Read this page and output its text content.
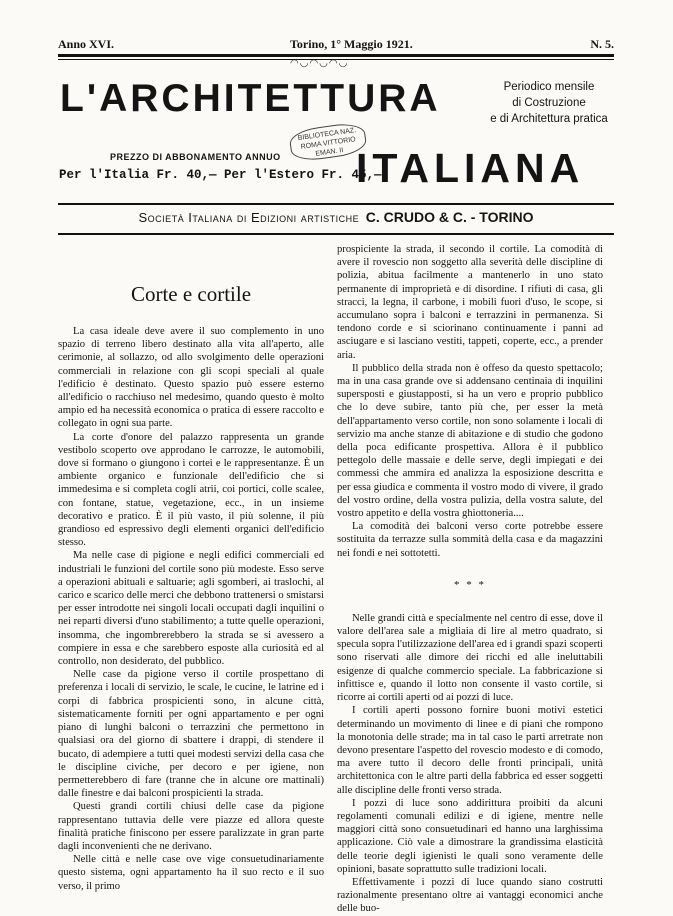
Anno XVI.	Torino, 1° Maggio 1921.	N. 5.
◠◡◠◡◠◡
L'ARCHITETTURA
ITALIANA
Periodico mensile
di Costruzione
e di Architettura pratica
BIBLIOTECA NAZ. ROMA VITTORIO EMAN. II
PREZZO DI ABBONAMENTO ANNUO
Per l'Italia Fr. 40,— Per l'Estero Fr. 45,—
Società Italiana di Edizioni artistiche C. CRUDO & C. - TORINO
Corte e cortile

La casa ideale deve avere il suo complemento in uno spazio di terreno libero destinato alla vita all'aperto, alle cerimonie, al sollazzo, od allo svolgimento delle operazioni commerciali in relazione con gli scopi speciali al quale l'edificio è destinato. Questo spazio può essere esterno all'edificio o racchiuso nel medesimo, quando questo è molto ampio ed ha necessità economica o pratica di essere raccolto e collegato in ogni sua parte.

La corte d'onore del palazzo rappresenta un grande vestibolo scoperto ove approdano le carrozze, le automobili, dove si formano o giungono i cortei e le rappresentanze. È un ambiente organico e funzionale dell'edificio che si immedesima e si completa cogli atrii, coi portici, colle scalee, con fontane, statue, vegetazione, ecc., in un insieme decorativo e pratico. È il più vasto, il più solenne, il più grandioso ed espressivo degli elementi organici dell'edificio stesso.

Ma nelle case di pigione e negli edifici commerciali ed industriali le funzioni del cortile sono più modeste. Esso serve a operazioni abituali e saltuarie; agli sgomberi, ai traslochi, al carico e scarico delle merci che debbono trattenersi o smistarsi per esser introdotte nei singoli locali occupati dagli inquilini o nei reparti diversi d'uno stabilimento; a tutte quelle operazioni, insomma, che ingombrerebbero la strada se si avessero a compiere in essa e che sarebbero esposte alla curiosità ed al controllo, non desiderato, del pubblico.

Nelle case da pigione verso il cortile prospettano di preferenza i locali di servizio, le scale, le cucine, le latrine ed i corpi di fabbrica prospicienti sono, in alcune città, sistematicamente forniti per ogni appartamento e per ogni piano di lunghi balconi o terrazzini che permettono in qualsiasi ora del giorno di sbattere i drappi, di stendere il bucato, di adempiere a tutti quei modesti servizi della casa che le discipline civiche, per decoro e per igiene, non permetterebbero di fare (tranne che in alcune ore mattinali) dalle finestre e dai balconi prospicienti la strada.

Questi grandi cortili chiusi delle case da pigione rappresentano tuttavia delle vere piazze ed allora queste finalità pratiche finiscono per essere paralizzate in gran parte dagli inconvenienti che ne derivano.

Nelle città e nelle case ove vige consuetudinariamente questo sistema, ogni appartamento ha il suo recto e il suo verso, il primo

prospiciente la strada, il secondo il cortile. La comodità di avere il rovescio non soggetto alla severità delle discipline di polizia, abitua facilmente a mantenerlo in uno stato permanente di improprietà e di disordine. I rifiuti di casa, gli stracci, la legna, il carbone, i mobili fuori d'uso, le scope, si accumulano sopra i balconi e terrazzini in permanenza. Si tendono corde e si sciorinano continuamente i panni ad asciugare e si lasciano vestiti, tappeti, coperte, ecc., a prender aria.

Il pubblico della strada non è offeso da questo spettacolo; ma in una casa grande ove si addensano centinaia di inquilini supersposti e giustapposti, si ha un vero e proprio pubblico che lo deve subire, tanto più che, per esser la metà dell'appartamento verso cortile, non sono solamente i locali di servizio ma anche stanze di abitazione e di studio che godono della poca edificante prospettiva. Allora è il pubblico pettegolo delle massaie e delle serve, degli impiegati e dei commessi che ammira ed analizza la esposizione descritta e per essa giudica e commenta il vostro modo di vivere, il grado del vostro ordine, della vostra pulizia, della vostra salute, del vostro appetito e della vostra ghiottoneria....

La comodità dei balconi verso corte potrebbe essere sostituita da terrazze sulla sommità della casa e da magazzini nei fondi e nei sottotetti.

* * *

Nelle grandi città e specialmente nel centro di esse, dove il valore dell'area sale a migliaia di lire al metro quadrato, si specula sopra l'utilizzazione dell'area ed i grandi spazi scoperti sono riservati alle dimore dei ricchi ed alle ineluttabili esigenze di qualche commercio speciale. La fabbricazione si infittisce e, quando il lotto non consente il vasto cortile, si ricorre ai cortili aperti od ai pozzi di luce.

I cortili aperti possono fornire buoni motivi estetici determinando un movimento di linee e di piani che rompono la monotonia delle strade; ma in tal caso le parti arretrate non devono presentare l'aspetto del rovescio modesto e di comodo, ma avere tutto il decoro delle fronti principali, unità architettonica con le altre parti della fabbrica ed esser soggetti alle discipline delle fronti verso strada.

I pozzi di luce sono addirittura proibiti da alcuni regolamenti comunali edilizi e di igiene, mentre nelle maggiori città sono consuetudinari ed hanno una larghissima applicazione. Ciò vale a dimostrare la grandissima elasticità delle teorie degli igienisti le quali sono veramente delle opinioni, basate soprattutto sulle tradizioni locali.

Effettivamente i pozzi di luce quando siano costrutti razionalmente presentano oltre ai vantaggi economici anche delle buo-
